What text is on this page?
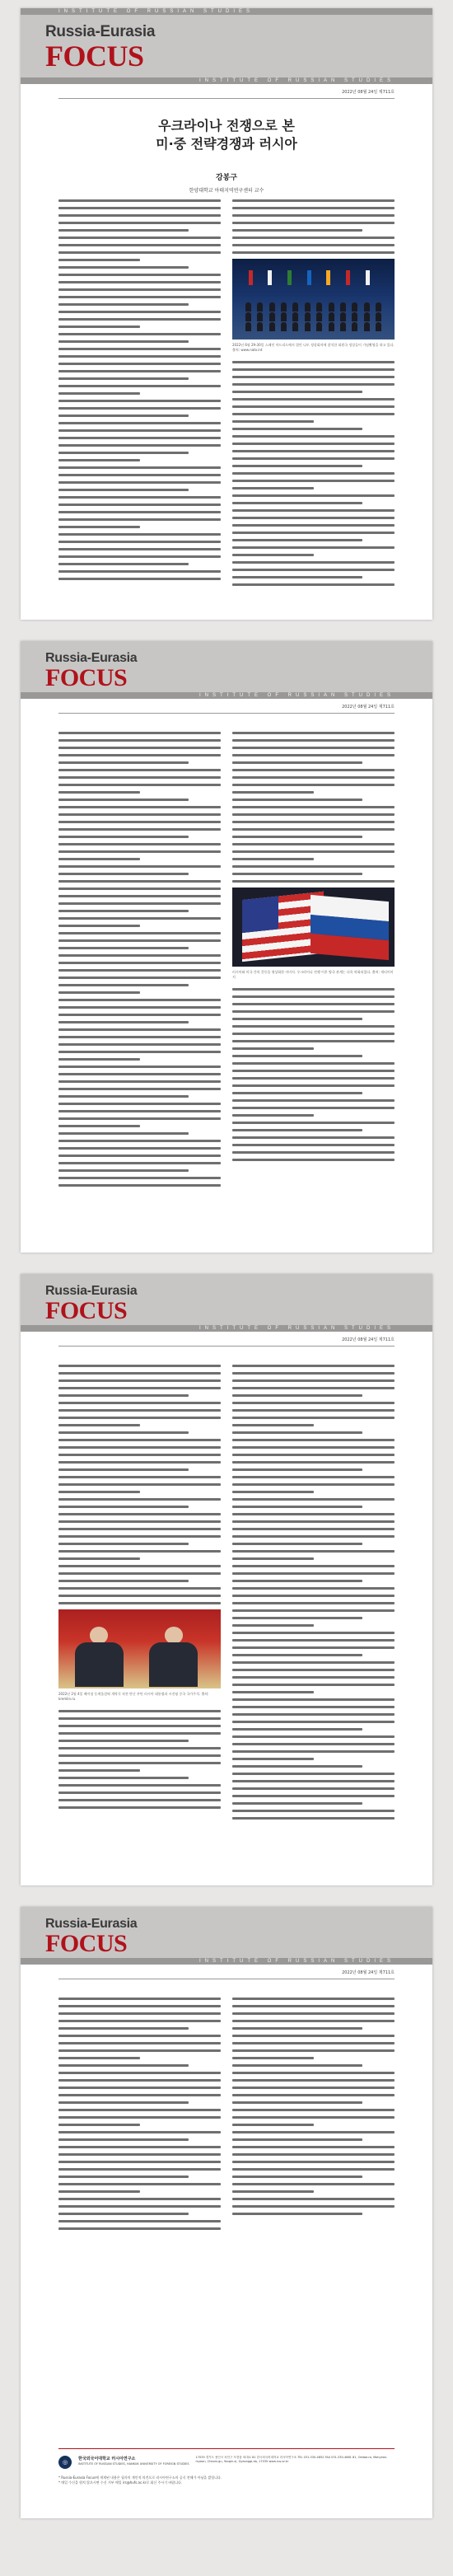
INSTITUTE OF RUSSIAN STUDIES
Russia-Eurasia
FOCUS
INSTITUTE OF RUSSIAN STUDIES
2022년 08월 24일 제711호
우크라이나 전쟁으로 본
미·중 전략경쟁과 러시아
강봉구
한양대학교 아태지역연구센터 교수
2022년 6월 29-30일 스페인 마드리드에서 열린 나토 정상회의에 참석한 회원국 정상들이 기념촬영을 하고 있다. 출처: www.nato.int
Russia-Eurasia
FOCUS
INSTITUTE OF RUSSIAN STUDIES
2022년 08월 24일 제711호
러시아와 미국 간의 갈등을 형상화한 이미지. 우크라이나 전쟁 이후 양국 관계는 더욱 악화되었다. 출처: 게티이미지
Russia-Eurasia
FOCUS
INSTITUTE OF RUSSIAN STUDIES
2022년 08월 24일 제711호
2022년 2월 4일 베이징 동계올림픽 개막식 직전 만난 푸틴 러시아 대통령과 시진핑 중국 국가주석. 출처: kremlin.ru
Russia-Eurasia
FOCUS
INSTITUTE OF RUSSIAN STUDIES
2022년 08월 24일 제711호
◎	한국외국어대학교 러시아연구소
INSTITUTE OF RUSSIAN STUDIES, HANKUK UNIVERSITY OF FOREIGN STUDIES
17035 경기도 용인시 처인구 모현읍 외대로 81 한국외국어대학교 러시아연구소 TEL 031-330-4852 FAX 031-330-4661 81, Oedae-ro, Mohyeon-myeon, Cheoin-gu, Yongin-si, Gyeonggi-do, 17035 www.rus.or.kr
* Russia-Eurasia Focus에 게재된 내용은 필자의 개인적 의견으로 러시아연구소의 공식 견해가 아님을 밝힙니다.
* 매일 수신을 원치 않으시면 수신 거부 메일 irs@hufs.ac.kr로 회신 주시기 바랍니다.
